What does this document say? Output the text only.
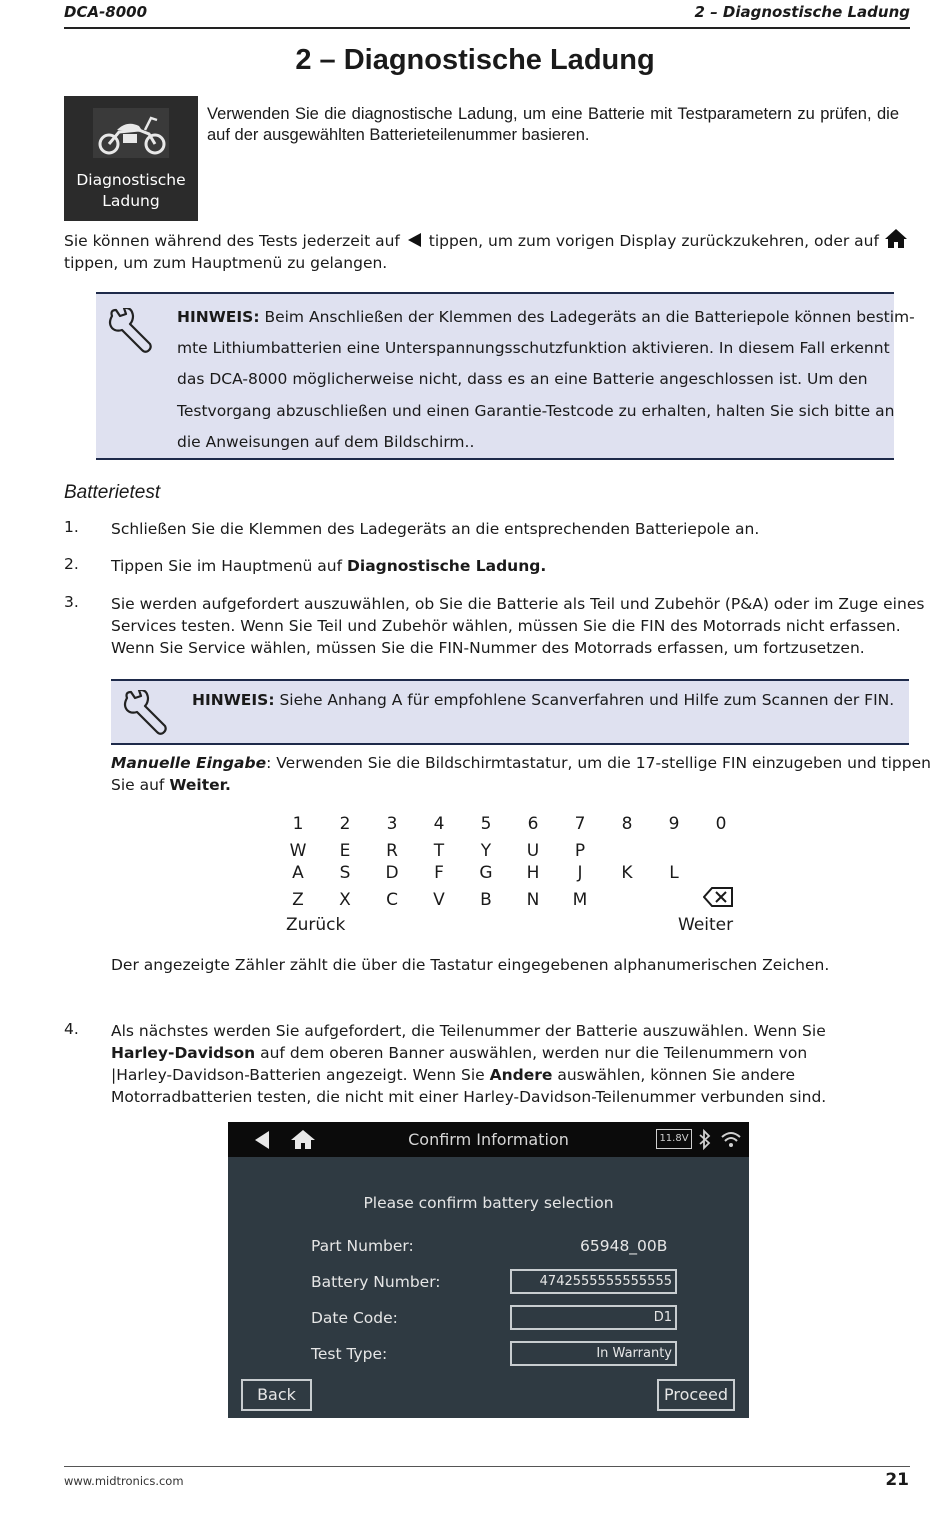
DCA-8000	2 – Diagnostische Ladung
2 – Diagnostische Ladung
Diagnostische
Ladung
Verwenden Sie die diagnostische Ladung, um eine Batterie mit Testparametern zu prüfen, die auf der ausgewählten Batterieteilenummer basieren.
Sie können während des Tests jederzeit auf tippen, um zum vorigen Display zurückzukehren, oder auf
tippen, um zum Hauptmenü zu gelangen.
HINWEIS: Beim Anschließen der Klemmen des Ladegeräts an die Batteriepole können bestim-
mte Lithiumbatterien eine Unterspannungsschutzfunktion aktivieren. In diesem Fall erkennt
das DCA-8000 möglicherweise nicht, dass es an eine Batterie angeschlossen ist. Um den
Testvorgang abzuschließen und einen Garantie-Testcode zu erhalten, halten Sie sich bitte an
die Anweisungen auf dem Bildschirm..
Batterietest
1. Schließen Sie die Klemmen des Ladegeräts an die entsprechenden Batteriepole an.
2. Tippen Sie im Hauptmenü auf Diagnostische Ladung.
3. Sie werden aufgefordert auszuwählen, ob Sie die Batterie als Teil und Zubehör (P&A) oder im Zuge eines
Services testen. Wenn Sie Teil und Zubehör wählen, müssen Sie die FIN des Motorrads nicht erfassen.
Wenn Sie Service wählen, müssen Sie die FIN-Nummer des Motorrads erfassen, um fortzusetzen.
HINWEIS: Siehe Anhang A für empfohlene Scanverfahren und Hilfe zum Scannen der FIN.
Manuelle Eingabe: Verwenden Sie die Bildschirmtastatur, um die 17-stellige FIN einzugeben und tippen
Sie auf Weiter.
1	2	3	4	5	6	7	8	9	0
W	E	R	T	Y	U	P
A	S	D	F	G	H	J	K	L
Z	X	C	V	B	N	M
Zurück	Weiter
Der angezeigte Zähler zählt die über die Tastatur eingegebenen alphanumerischen Zeichen.
4. Als nächstes werden Sie aufgefordert, die Teilenummer der Batterie auszuwählen. Wenn Sie
Harley-Davidson auf dem oberen Banner auswählen, werden nur die Teilenummern von
|Harley-Davidson-Batterien angezeigt. Wenn Sie Andere auswählen, können Sie andere
Motorradbatterien testen, die nicht mit einer Harley-Davidson-Teilenummer verbunden sind.
Confirm Information	11.8V
Please confirm battery selection
Part Number:	65948_00B
Battery Number:	4742555555555555
Date Code:	D1
Test Type:	In Warranty
Back	Proceed
www.midtronics.com	21
